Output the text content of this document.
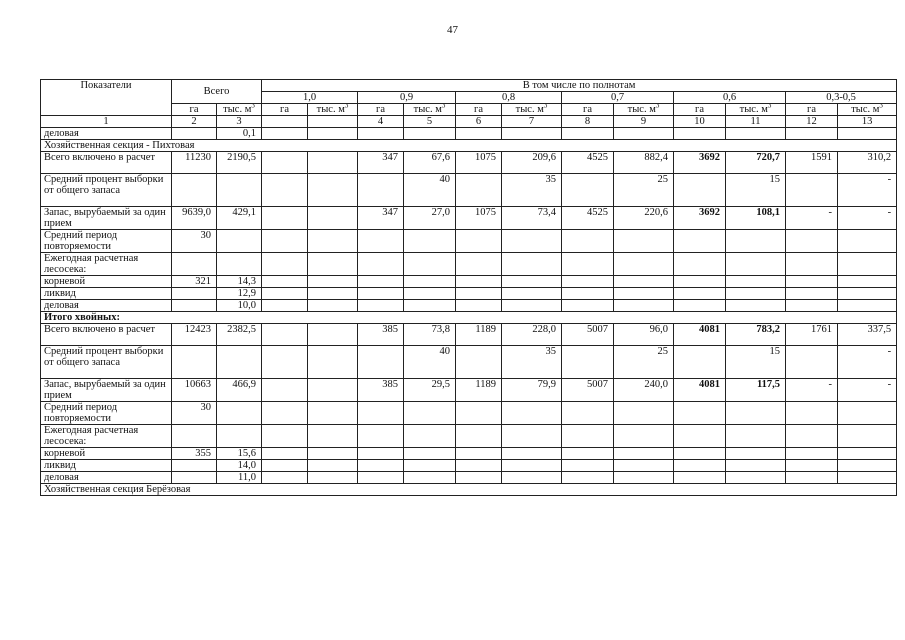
47
Показатели	Всего		В том числе по полнотам											
			1,0		0,9		0,8		0,7		0,6		0,3-0,5	
	га	тыс. $м^3$	га	тыс. $м^3$	га	тыс. $м^3$	га	тыс. $м^3$	га	тыс. $м^3$	га	тыс. $м^3$	га	тыс. $м^3$
1	2	3			4	5	6	7	8	9	10	11	12	13
деловая		0,1												
Хозяйственная секция - Пихтовая														
Всего включено в расчет	11230	2190,5			347	67,6	1075	209,6	4525	882,4	3692	720,7	1591	310,2
Средний процент выборки от общего запаса						40		35		25		15		-
Запас, вырубаемый за один прием	9639,0	429,1			347	27,0	1075	73,4	4525	220,6	3692	108,1	-	-
Средний период повторяемости	30													
Ежегодная расчетная лесосека:														
корневой	321	14,3												
ликвид		12,9												
деловая		10,0												
Итого хвойных:														
Всего включено в расчет	12423	2382,5			385	73,8	1189	228,0	5007	96,0	4081	783,2	1761	337,5
Средний процент выборки от общего запаса						40		35		25		15		-
Запас, вырубаемый за один прием	10663	466,9			385	29,5	1189	79,9	5007	240,0	4081	117,5	-	-
Средний период повторяемости	30													
Ежегодная расчетная лесосека:														
корневой	355	15,6												
ликвид		14,0												
деловая		11,0												
Хозяйственная секция Берёзовая														
